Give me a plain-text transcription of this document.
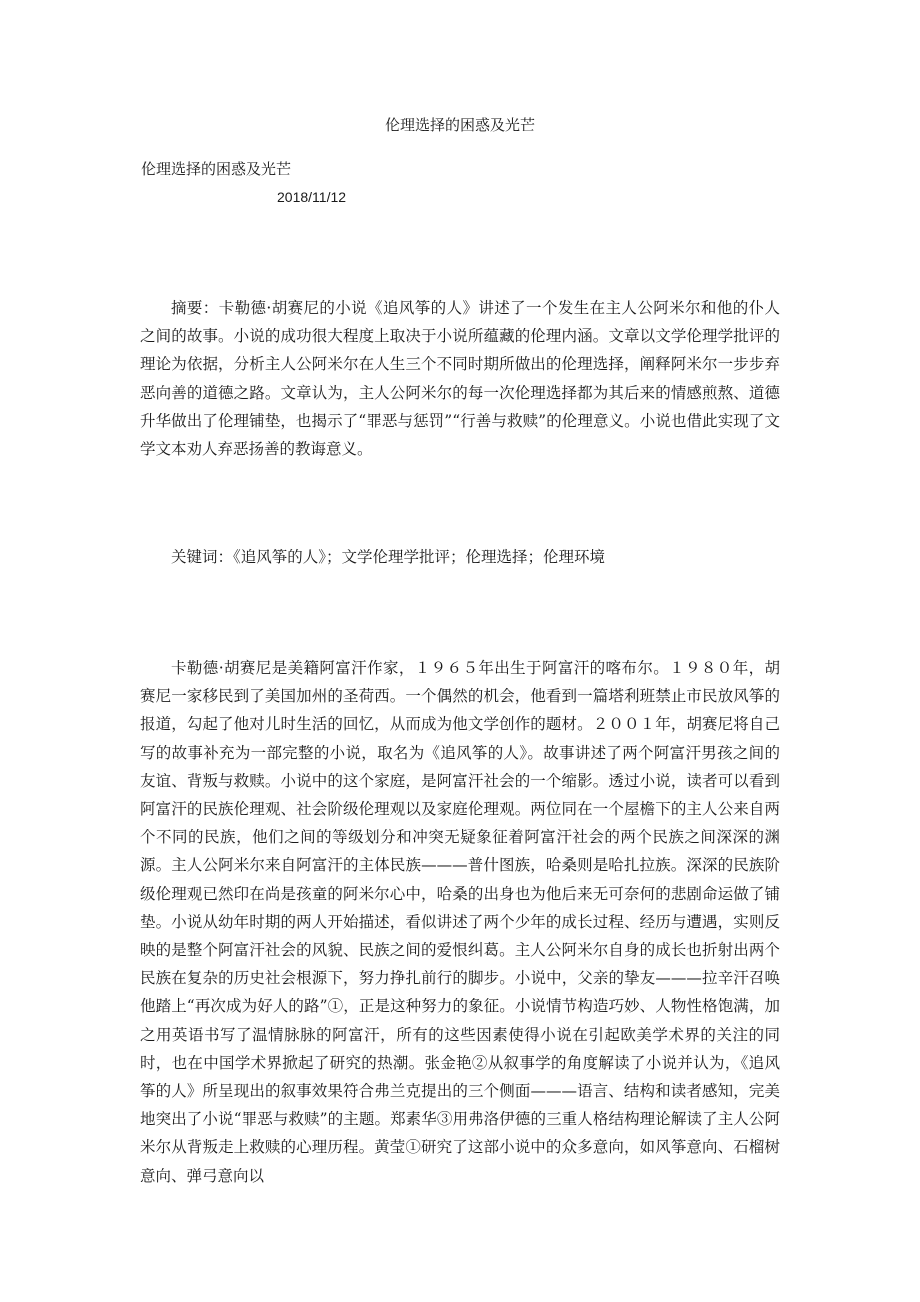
伦理选择的困惑及光芒
伦理选择的困惑及光芒
2018/11/12

摘要：卡勒德·胡赛尼的小说《追风筝的人》讲述了一个发生在主人公阿米尔和他的仆人之间的故事。小说的成功很大程度上取决于小说所蕴藏的伦理内涵。文章以文学伦理学批评的理论为依据，分析主人公阿米尔在人生三个不同时期所做出的伦理选择，阐释阿米尔一步步弃恶向善的道德之路。文章认为，主人公阿米尔的每一次伦理选择都为其后来的情感煎熬、道德升华做出了伦理铺垫，也揭示了“罪恶与惩罚”“行善与救赎”的伦理意义。小说也借此实现了文学文本劝人弃恶扬善的教诲意义。

关键词：《追风筝的人》；文学伦理学批评；伦理选择；伦理环境

卡勒德·胡赛尼是美籍阿富汗作家，１９６５年出生于阿富汗的喀布尔。１９８０年，胡赛尼一家移民到了美国加州的圣荷西。一个偶然的机会，他看到一篇塔利班禁止市民放风筝的报道，勾起了他对儿时生活的回忆，从而成为他文学创作的题材。２００１年，胡赛尼将自己写的故事补充为一部完整的小说，取名为《追风筝的人》。故事讲述了两个阿富汗男孩之间的友谊、背叛与救赎。小说中的这个家庭，是阿富汗社会的一个缩影。透过小说，读者可以看到阿富汗的民族伦理观、社会阶级伦理观以及家庭伦理观。两位同在一个屋檐下的主人公来自两个不同的民族，他们之间的等级划分和冲突无疑象征着阿富汗社会的两个民族之间深深的渊源。主人公阿米尔来自阿富汗的主体民族———普什图族，哈桑则是哈扎拉族。深深的民族阶级伦理观已然印在尚是孩童的阿米尔心中，哈桑的出身也为他后来无可奈何的悲剧命运做了铺垫。小说从幼年时期的两人开始描述，看似讲述了两个少年的成长过程、经历与遭遇，实则反映的是整个阿富汗社会的风貌、民族之间的爱恨纠葛。主人公阿米尔自身的成长也折射出两个民族在复杂的历史社会根源下，努力挣扎前行的脚步。小说中，父亲的挚友———拉辛汗召唤他踏上“再次成为好人的路”①，正是这种努力的象征。小说情节构造巧妙、人物性格饱满，加之用英语书写了温情脉脉的阿富汗，所有的这些因素使得小说在引起欧美学术界的关注的同时，也在中国学术界掀起了研究的热潮。张金艳②从叙事学的角度解读了小说并认为，《追风筝的人》所呈现出的叙事效果符合弗兰克提出的三个侧面———语言、结构和读者感知，完美地突出了小说“罪恶与救赎”的主题。郑素华③用弗洛伊德的三重人格结构理论解读了主人公阿米尔从背叛走上救赎的心理历程。黄莹①研究了这部小说中的众多意向，如风筝意向、石榴树意向、弹弓意向以
